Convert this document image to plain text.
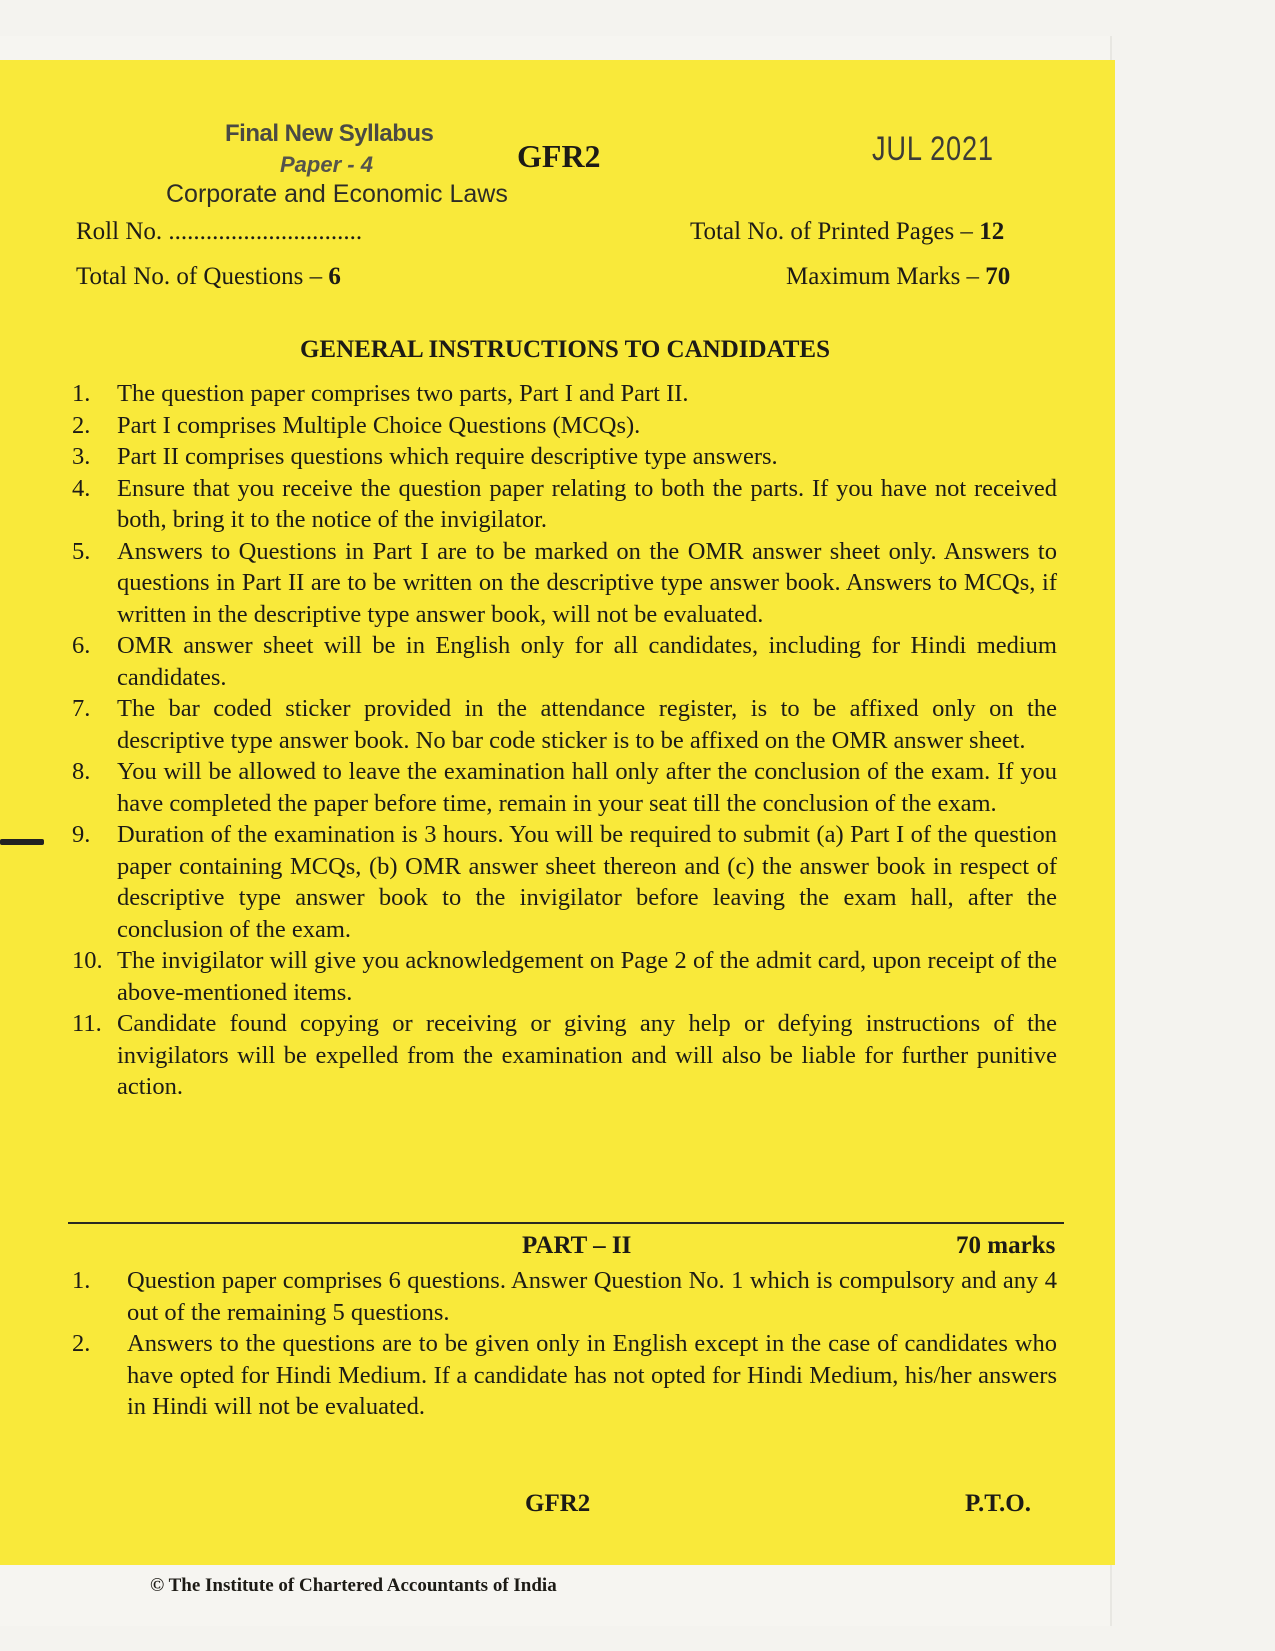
Final New Syllabus
Paper - 4
Corporate and Economic Laws
GFR2	JUL 2021
Roll No. ...............................	Total No. of Printed Pages – 12
Total No. of Questions – 6	Maximum Marks – 70
GENERAL INSTRUCTIONS TO CANDIDATES
1. The question paper comprises two parts, Part I and Part II.
2. Part I comprises Multiple Choice Questions (MCQs).
3. Part II comprises questions which require descriptive type answers.
4. Ensure that you receive the question paper relating to both the parts. If you have not received both, bring it to the notice of the invigilator.
5. Answers to Questions in Part I are to be marked on the OMR answer sheet only. Answers to questions in Part II are to be written on the descriptive type answer book. Answers to MCQs, if written in the descriptive type answer book, will not be evaluated.
6. OMR answer sheet will be in English only for all candidates, including for Hindi medium candidates.
7. The bar coded sticker provided in the attendance register, is to be affixed only on the descriptive type answer book. No bar code sticker is to be affixed on the OMR answer sheet.
8. You will be allowed to leave the examination hall only after the conclusion of the exam. If you have completed the paper before time, remain in your seat till the conclusion of the exam.
9. Duration of the examination is 3 hours. You will be required to submit (a) Part I of the question paper containing MCQs, (b) OMR answer sheet thereon and (c) the answer book in respect of descriptive type answer book to the invigilator before leaving the exam hall, after the conclusion of the exam.
10. The invigilator will give you acknowledgement on Page 2 of the admit card, upon receipt of the above-mentioned items.
11. Candidate found copying or receiving or giving any help or defying instructions of the invigilators will be expelled from the examination and will also be liable for further punitive action.
PART – II	70 marks
1. Question paper comprises 6 questions. Answer Question No. 1 which is compulsory and any 4 out of the remaining 5 questions.
2. Answers to the questions are to be given only in English except in the case of candidates who have opted for Hindi Medium. If a candidate has not opted for Hindi Medium, his/her answers in Hindi will not be evaluated.
GFR2	P.T.O.
© The Institute of Chartered Accountants of India
